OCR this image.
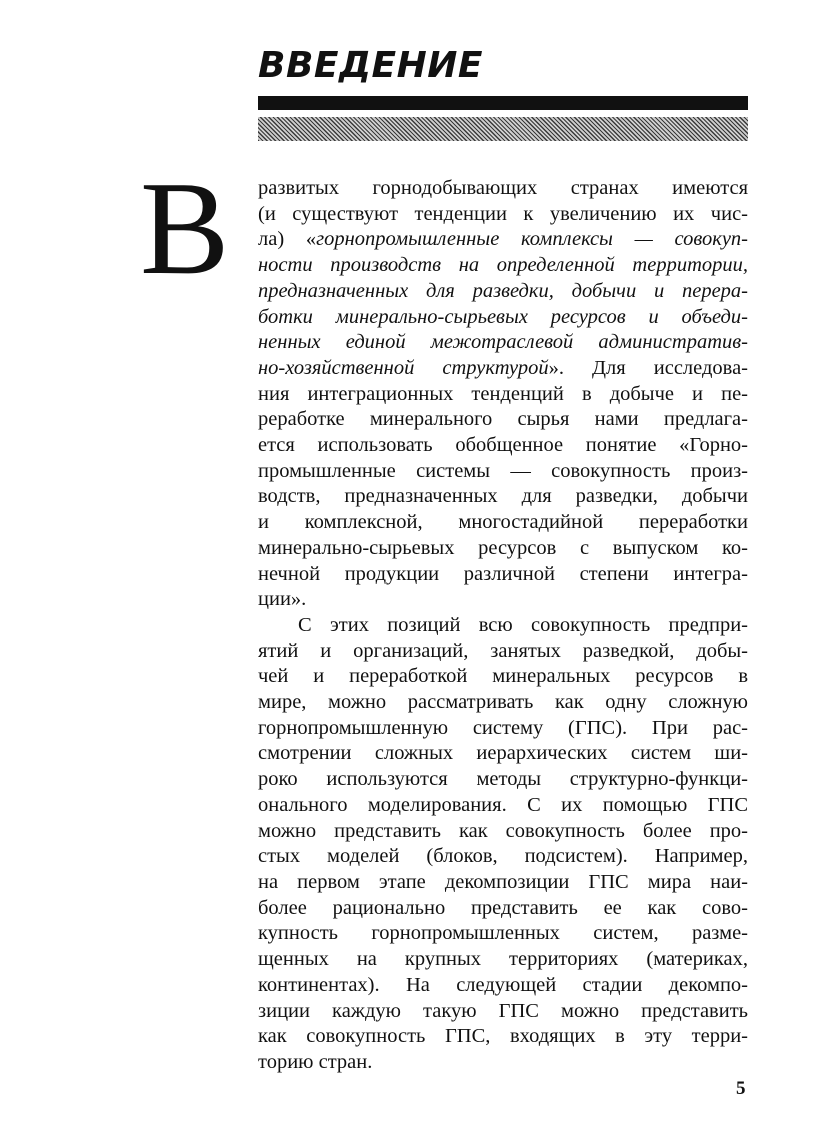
ВВЕДЕНИЕ
В развитых горнодобывающих странах имеются
(и существуют тенденции к увеличению их чис-
ла) «горнопромышленные комплексы — совокуп-
ности производств на определенной территории,
предназначенных для разведки, добычи и перера-
ботки минерально-сырьевых ресурсов и объеди-
ненных единой межотраслевой административ-
но-хозяйственной структурой». Для исследова-
ния интеграционных тенденций в добыче и пе-
реработке минерального сырья нами предлага-
ется использовать обобщенное понятие «Горно-
промышленные системы — совокупность произ-
водств, предназначенных для разведки, добычи
и комплексной, многостадийной переработки
минерально-сырьевых ресурсов с выпуском ко-
нечной продукции различной степени интегра-
ции».
С этих позиций всю совокупность предпри-
ятий и организаций, занятых разведкой, добы-
чей и переработкой минеральных ресурсов в
мире, можно рассматривать как одну сложную
горнопромышленную систему (ГПС). При рас-
смотрении сложных иерархических систем ши-
роко используются методы структурно-функци-
онального моделирования. С их помощью ГПС
можно представить как совокупность более про-
стых моделей (блоков, подсистем). Например,
на первом этапе декомпозиции ГПС мира наи-
более рационально представить ее как сово-
купность горнопромышленных систем, разме-
щенных на крупных территориях (материках,
континентах). На следующей стадии декомпо-
зиции каждую такую ГПС можно представить
как совокупность ГПС, входящих в эту терри-
торию стран.
5
